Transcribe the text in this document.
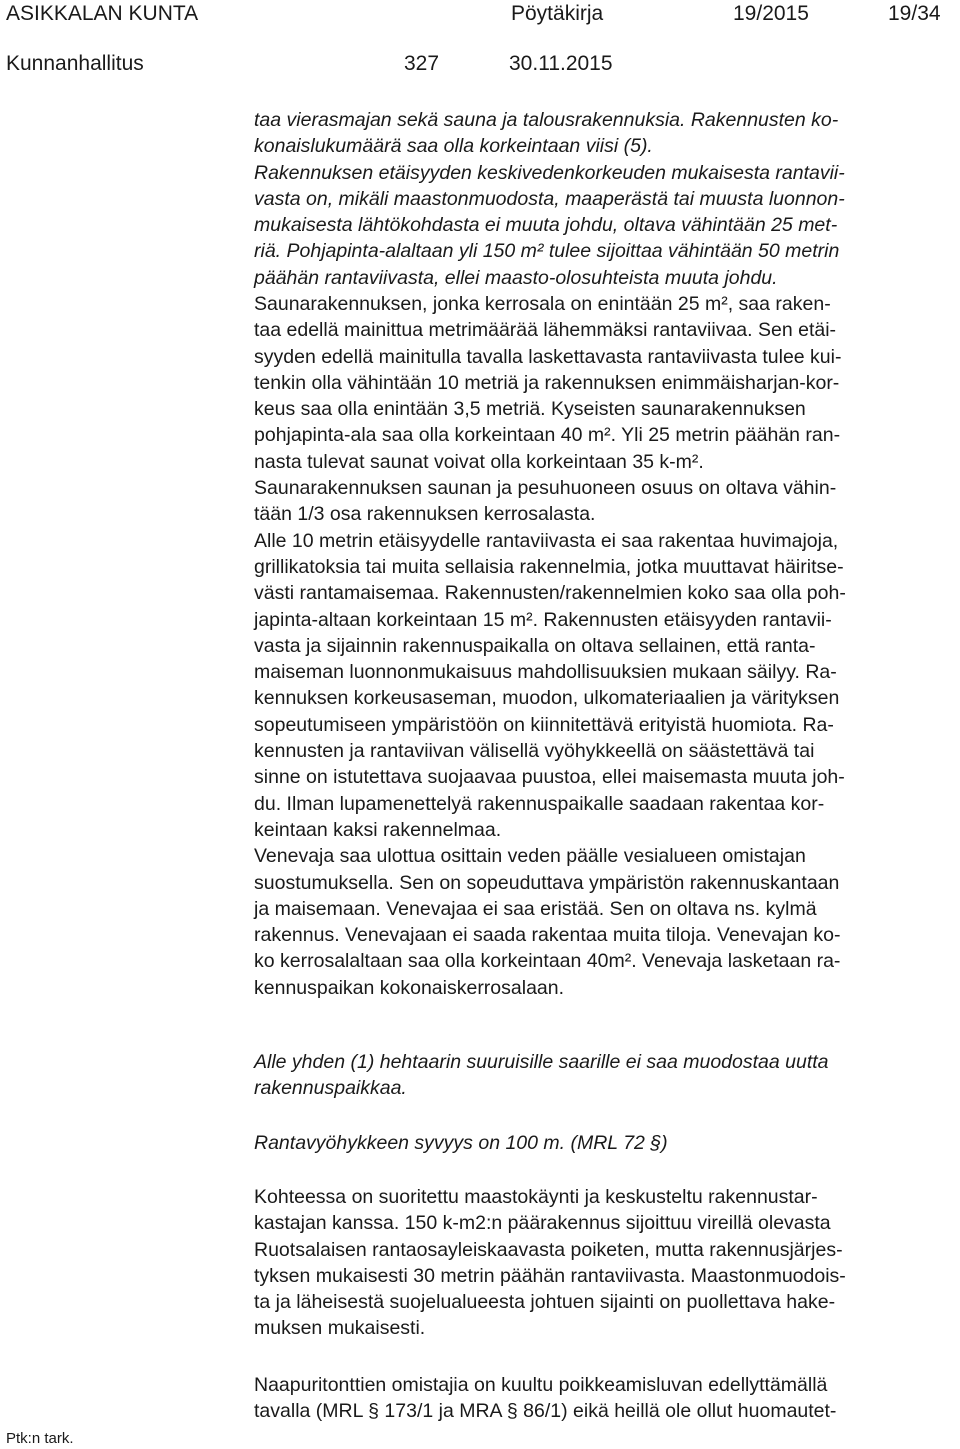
ASIKKALAN KUNTA	Pöytäkirja	19/2015	19/34
Kunnanhallitus	327	30.11.2015
taa vierasmajan sekä sauna ja talousrakennuksia. Rakennusten ko-
konaislukumäärä saa olla korkeintaan viisi (5).
Rakennuksen etäisyyden keskivedenkorkeuden mukaisesta rantavii-
vasta on, mikäli maastonmuodosta, maaperästä tai muusta luonnon-
mukaisesta lähtökohdasta ei muuta johdu, oltava vähintään 25 met-
riä. Pohjapinta-alaltaan yli 150 m² tulee sijoittaa vähintään 50 metrin
päähän rantaviivasta, ellei maasto-olosuhteista muuta johdu.
Saunarakennuksen, jonka kerrosala on enintään 25 m², saa raken-
taa edellä mainittua metrimäärää lähemmäksi rantaviivaa. Sen etäi-
syyden edellä mainitulla tavalla laskettavasta rantaviivasta tulee kui-
tenkin olla vähintään 10 metriä ja rakennuksen enimmäisharjan-kor-
keus saa olla enintään 3,5 metriä. Kyseisten saunarakennuksen
pohjapinta-ala saa olla korkeintaan 40 m². Yli 25 metrin päähän ran-
nasta tulevat saunat voivat olla korkeintaan 35 k-m².
Saunarakennuksen saunan ja pesuhuoneen osuus on oltava vähin-
tään 1/3 osa rakennuksen kerrosalasta.
Alle 10 metrin etäisyydelle rantaviivasta ei saa rakentaa huvimajoja,
grillikatoksia tai muita sellaisia rakennelmia, jotka muuttavat häiritse-
västi rantamaisemaa. Rakennusten/rakennelmien koko saa olla poh-
japinta-altaan korkeintaan 15 m². Rakennusten etäisyyden rantavii-
vasta ja sijainnin rakennuspaikalla on oltava sellainen, että ranta-
maiseman luonnonmukaisuus mahdollisuuksien mukaan säilyy. Ra-
kennuksen korkeusaseman, muodon, ulkomateriaalien ja värityksen
sopeutumiseen ympäristöön on kiinnitettävä erityistä huomiota. Ra-
kennusten ja rantaviivan välisellä vyöhykkeellä on säästettävä tai
sinne on istutettava suojaavaa puustoa, ellei maisemasta muuta joh-
du. Ilman lupamenettelyä rakennuspaikalle saadaan rakentaa kor-
keintaan kaksi rakennelmaa.
Venevaja saa ulottua osittain veden päälle vesialueen omistajan
suostumuksella. Sen on sopeuduttava ympäristön rakennuskantaan
ja maisemaan. Venevajaa ei saa eristää. Sen on oltava ns. kylmä
rakennus. Venevajaan ei saada rakentaa muita tiloja. Venevajan ko-
ko kerrosalaltaan saa olla korkeintaan 40m². Venevaja lasketaan ra-
kennuspaikan kokonaiskerrosalaan.
Alle yhden (1) hehtaarin suuruisille saarille ei saa muodostaa uutta
rakennuspaikkaa.
Rantavyöhykkeen syvyys on 100 m. (MRL 72 §)
Kohteessa on suoritettu maastokäynti ja keskusteltu rakennustar-
kastajan kanssa. 150 k-m2:n päärakennus sijoittuu vireillä olevasta
Ruotsalaisen rantaosayleiskaavasta poiketen, mutta rakennusjärjes-
tyksen mukaisesti 30 metrin päähän rantaviivasta. Maastonmuodois-
ta ja läheisestä suojelualueesta johtuen sijainti on puollettava hake-
muksen mukaisesti.
Naapuritonttien omistajia on kuultu poikkeamisluvan edellyttämällä
tavalla (MRL § 173/1 ja MRA § 86/1) eikä heillä ole ollut huomautet-
Ptk:n tark.
